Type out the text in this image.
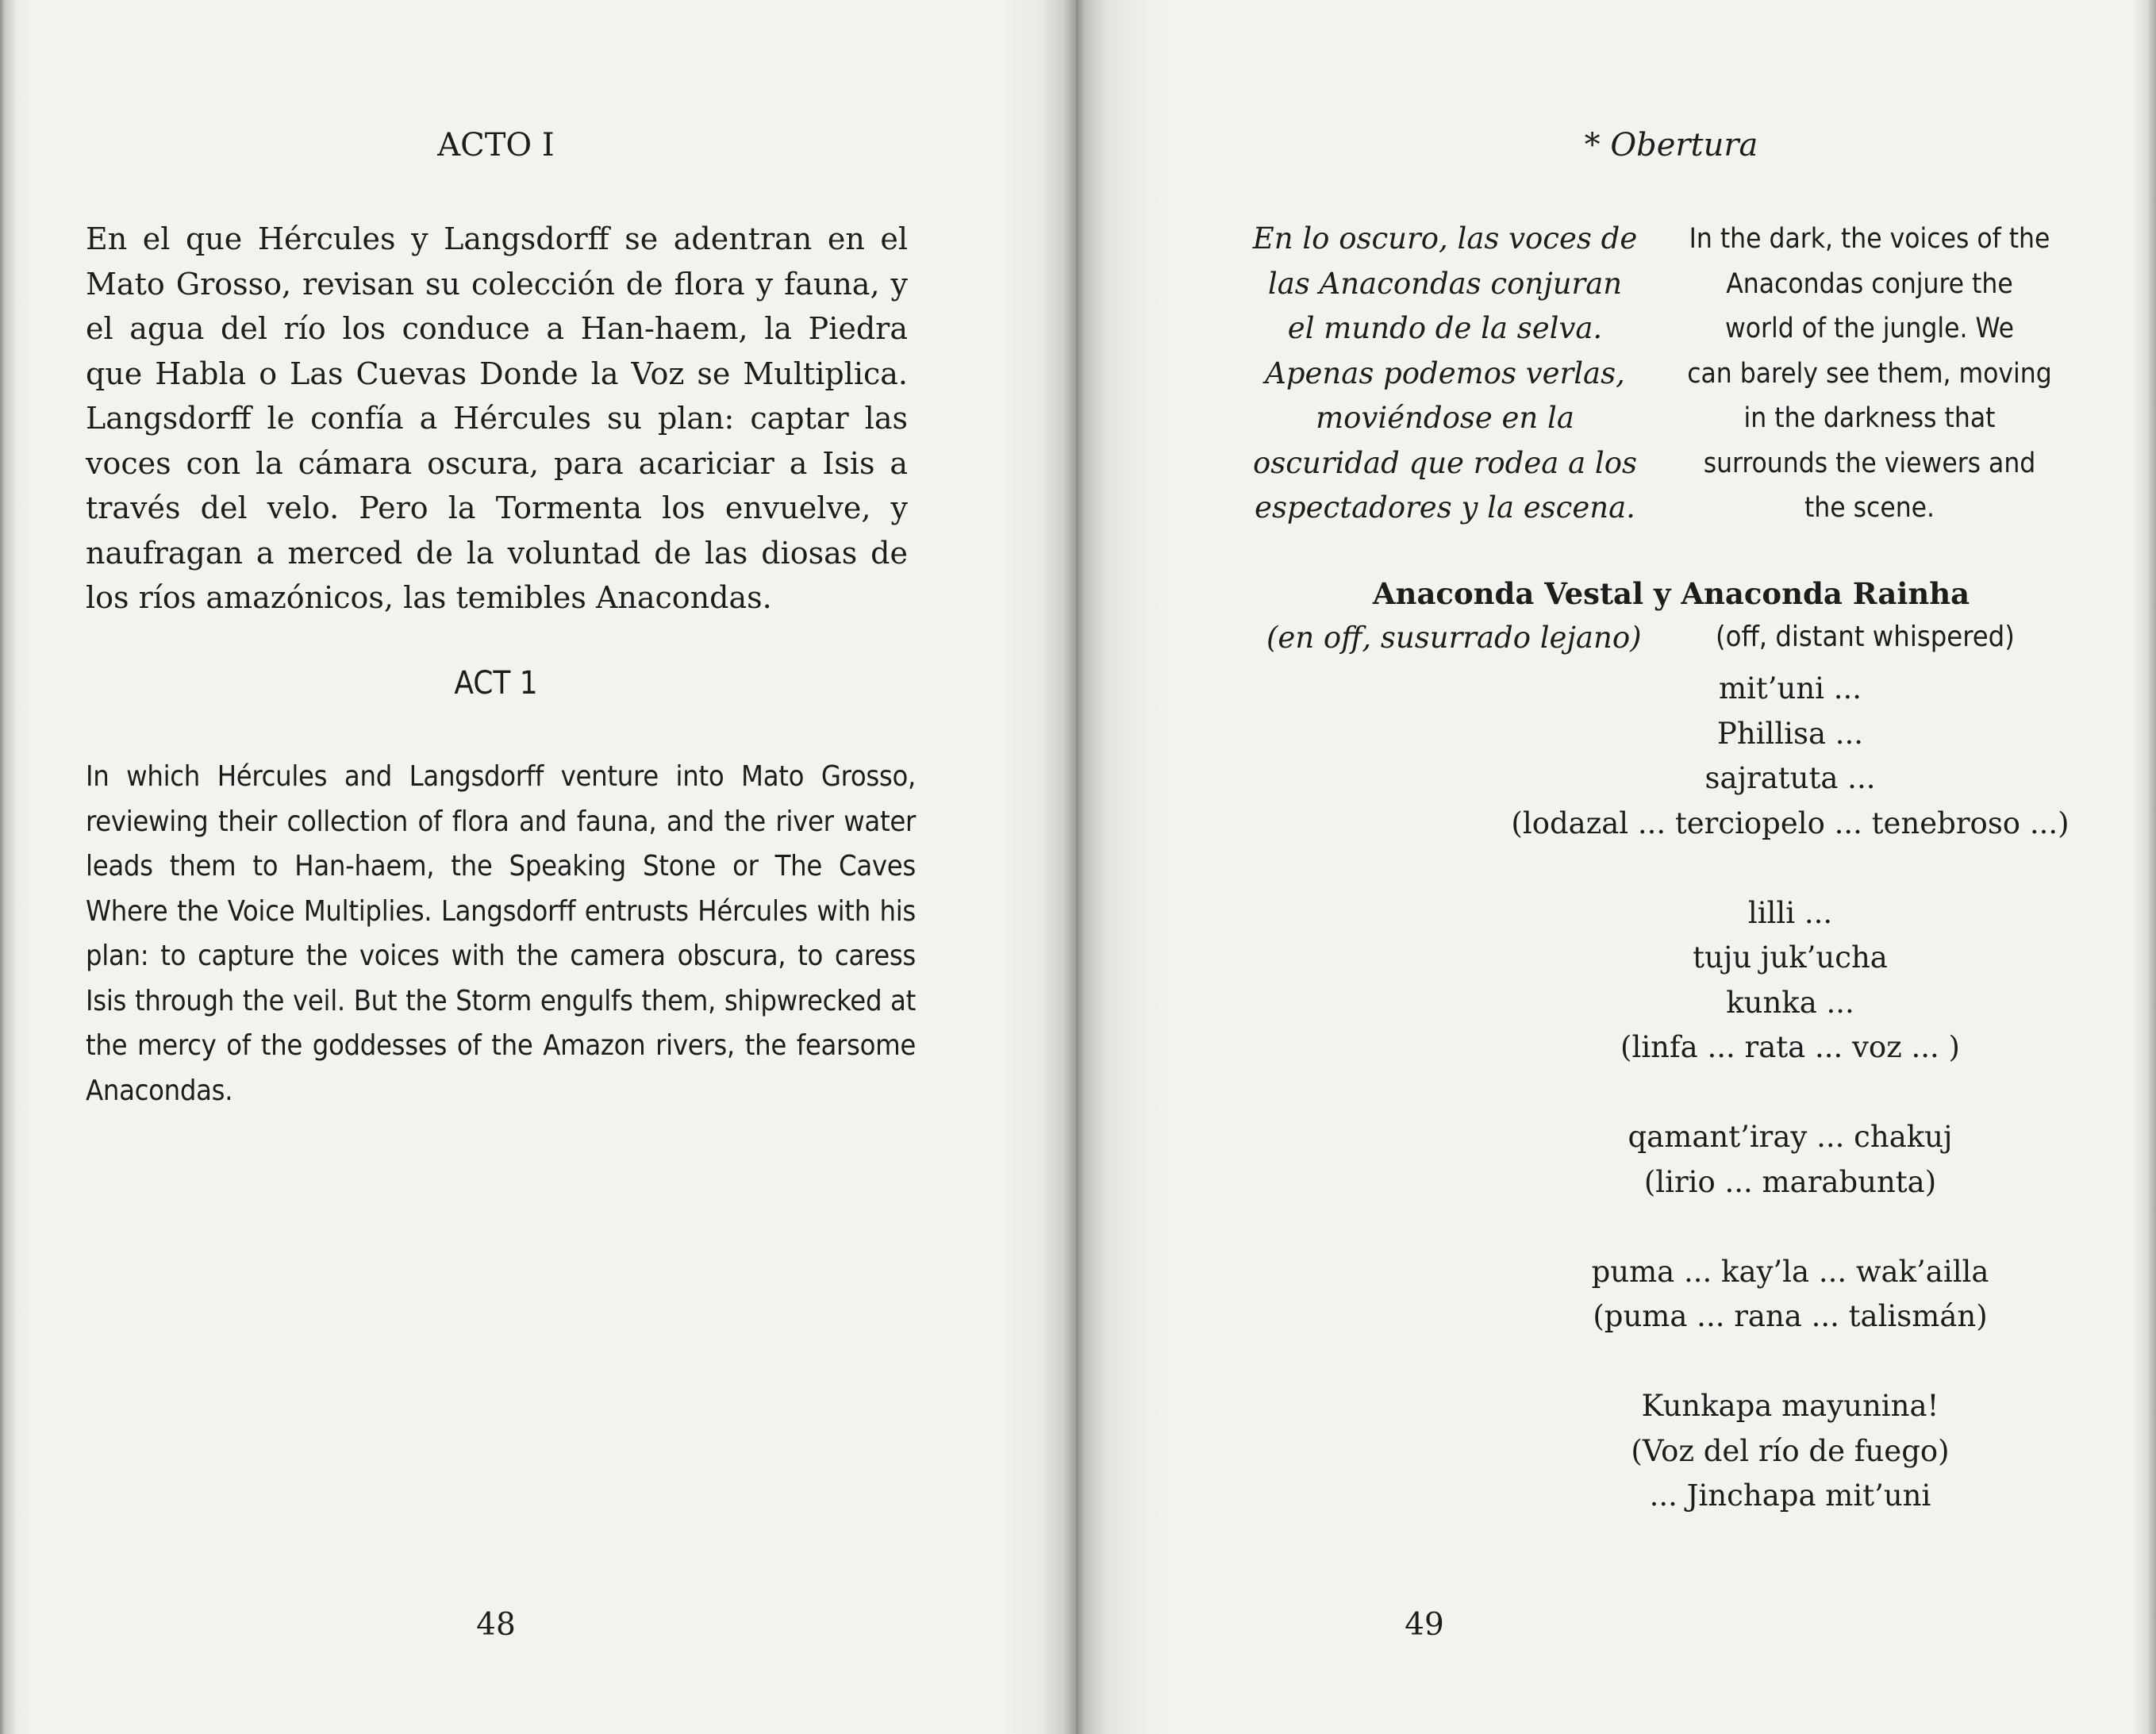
ACTO I

En el que Hércules y Langsdorff se adentran en el Mato Grosso, revisan su colección de flora y fauna, y el agua del río los conduce a Han-haem, la Piedra que Habla o Las Cuevas Donde la Voz se Multiplica. Langsdorff le confía a Hércules su plan: captar las voces con la cámara oscura, para acariciar a Isis a través del velo. Pero la Tormenta los envuelve, y naufragan a merced de la voluntad de las diosas de los ríos amazónicos, las temibles Anacondas.

ACT 1

In which Hércules and Langsdorff venture into Mato Grosso, reviewing their collection of flora and fauna, and the river water leads them to Han-haem, the Speaking Stone or The Caves Where the Voice Multiplies. Langsdorff entrusts Hércules with his plan: to capture the voices with the camera obscura, to caress Isis through the veil. But the Storm engulfs them, shipwrecked at the mercy of the goddesses of the Amazon rivers, the fearsome Anacondas.

48
* Obertura
En lo oscuro, las voces de
las Anacondas conjuran
el mundo de la selva.
Apenas podemos verlas,
moviéndose en la
oscuridad que rodea a los
espectadores y la escena.
In the dark, the voices of the
Anacondas conjure the
world of the jungle. We
can barely see them, moving
in the darkness that
surrounds the viewers and
the scene.
Anaconda Vestal y Anaconda Rainha
(en off, susurrado lejano)	(off, distant whispered)
mit’uni ...
Phillisa ...
sajratuta ...
(lodazal ... terciopelo ... tenebroso ...)
lilli ...
tuju juk’ucha
kunka ...
(linfa ... rata ... voz ... )
qamant’iray ... chakuj
(lirio ... marabunta)
puma ... kay’la ... wak’ailla
(puma ... rana ... talismán)
Kunkapa mayunina!
(Voz del río de fuego)
... Jinchapa mit’uni
49
